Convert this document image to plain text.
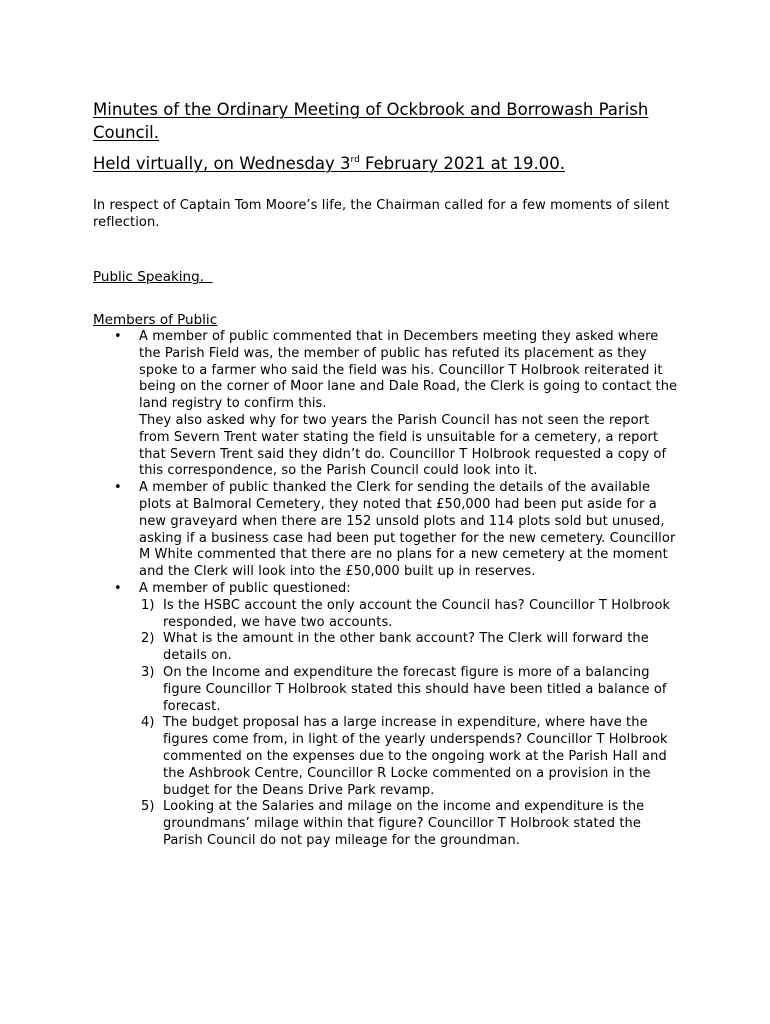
Minutes of the Ordinary Meeting of Ockbrook and Borrowash Parish Council.
Held virtually, on Wednesday 3rd February 2021 at 19.00.

In respect of Captain Tom Moore’s life, the Chairman called for a few moments of silent reflection.

Public Speaking.
Members of Public
• A member of public commented that in Decembers meeting they asked where the Parish Field was, the member of public has refuted its placement as they spoke to a farmer who said the field was his. Councillor T Holbrook reiterated it being on the corner of Moor lane and Dale Road, the Clerk is going to contact the land registry to confirm this.

They also asked why for two years the Parish Council has not seen the report from Severn Trent water stating the field is unsuitable for a cemetery, a report that Severn Trent said they didn’t do. Councillor T Holbrook requested a copy of this correspondence, so the Parish Council could look into it.

• A member of public thanked the Clerk for sending the details of the available plots at Balmoral Cemetery, they noted that £50,000 had been put aside for a new graveyard when there are 152 unsold plots and 114 plots sold but unused, asking if a business case had been put together for the new cemetery. Councillor M White commented that there are no plans for a new cemetery at the moment and the Clerk will look into the £50,000 built up in reserves.

• A member of public questioned:

1) Is the HSBC account the only account the Council has? Councillor T Holbrook responded, we have two accounts.
2) What is the amount in the other bank account? The Clerk will forward the details on.
3) On the Income and expenditure the forecast figure is more of a balancing figure Councillor T Holbrook stated this should have been titled a balance of forecast.
4) The budget proposal has a large increase in expenditure, where have the figures come from, in light of the yearly underspends? Councillor T Holbrook commented on the expenses due to the ongoing work at the Parish Hall and the Ashbrook Centre, Councillor R Locke commented on a provision in the budget for the Deans Drive Park revamp.
5) Looking at the Salaries and milage on the income and expenditure is the groundmans’ milage within that figure? Councillor T Holbrook stated the Parish Council do not pay mileage for the groundman.
